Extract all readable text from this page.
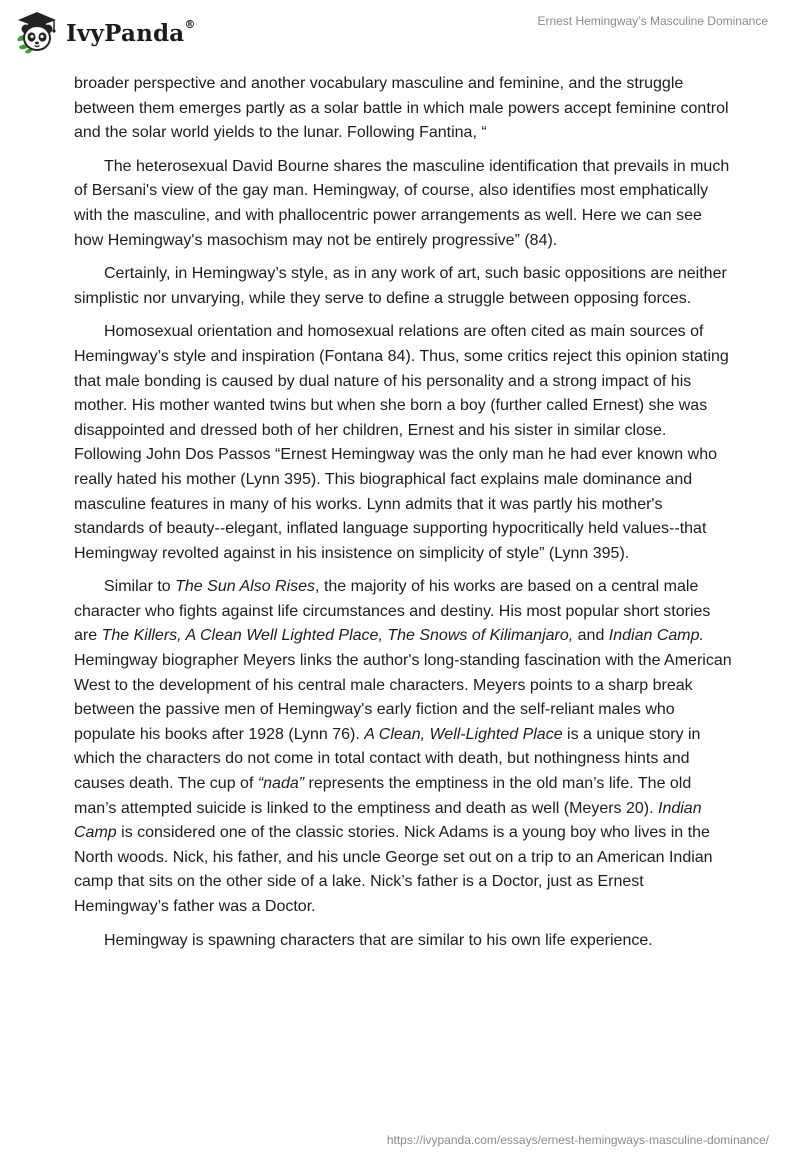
IvyPanda®	Ernest Hemingway’s Masculine Dominance

broader perspective and another vocabulary masculine and feminine, and the struggle between them emerges partly as a solar battle in which male powers accept feminine control and the solar world yields to the lunar. Following Fantina, “

The heterosexual David Bourne shares the masculine identification that prevails in much of Bersani's view of the gay man. Hemingway, of course, also identifies most emphatically with the masculine, and with phallocentric power arrangements as well. Here we can see how Hemingway's masochism may not be entirely progressive” (84).

Certainly, in Hemingway’s style, as in any work of art, such basic oppositions are neither simplistic nor unvarying, while they serve to define a struggle between opposing forces.

Homosexual orientation and homosexual relations are often cited as main sources of Hemingway’s style and inspiration (Fontana 84). Thus, some critics reject this opinion stating that male bonding is caused by dual nature of his personality and a strong impact of his mother. His mother wanted twins but when she born a boy (further called Ernest) she was disappointed and dressed both of her children, Ernest and his sister in similar close. Following John Dos Passos “Ernest Hemingway was the only man he had ever known who really hated his mother (Lynn 395). This biographical fact explains male dominance and masculine features in many of his works. Lynn admits that it was partly his mother's standards of beauty--elegant, inflated language supporting hypocritically held values--that Hemingway revolted against in his insistence on simplicity of style” (Lynn 395).

Similar to The Sun Also Rises, the majority of his works are based on a central male character who fights against life circumstances and destiny. His most popular short stories are The Killers, A Clean Well Lighted Place, The Snows of Kilimanjaro, and Indian Camp. Hemingway biographer Meyers links the author's long-standing fascination with the American West to the development of his central male characters. Meyers points to a sharp break between the passive men of Hemingway's early fiction and the self-reliant males who populate his books after 1928 (Lynn 76). A Clean, Well-Lighted Place is a unique story in which the characters do not come in total contact with death, but nothingness hints and causes death. The cup of “nada” represents the emptiness in the old man’s life. The old man’s attempted suicide is linked to the emptiness and death as well (Meyers 20). Indian Camp is considered one of the classic stories. Nick Adams is a young boy who lives in the North woods. Nick, his father, and his uncle George set out on a trip to an American Indian camp that sits on the other side of a lake. Nick’s father is a Doctor, just as Ernest Hemingway’s father was a Doctor.

Hemingway is spawning characters that are similar to his own life experience.

https://ivypanda.com/essays/ernest-hemingways-masculine-dominance/
